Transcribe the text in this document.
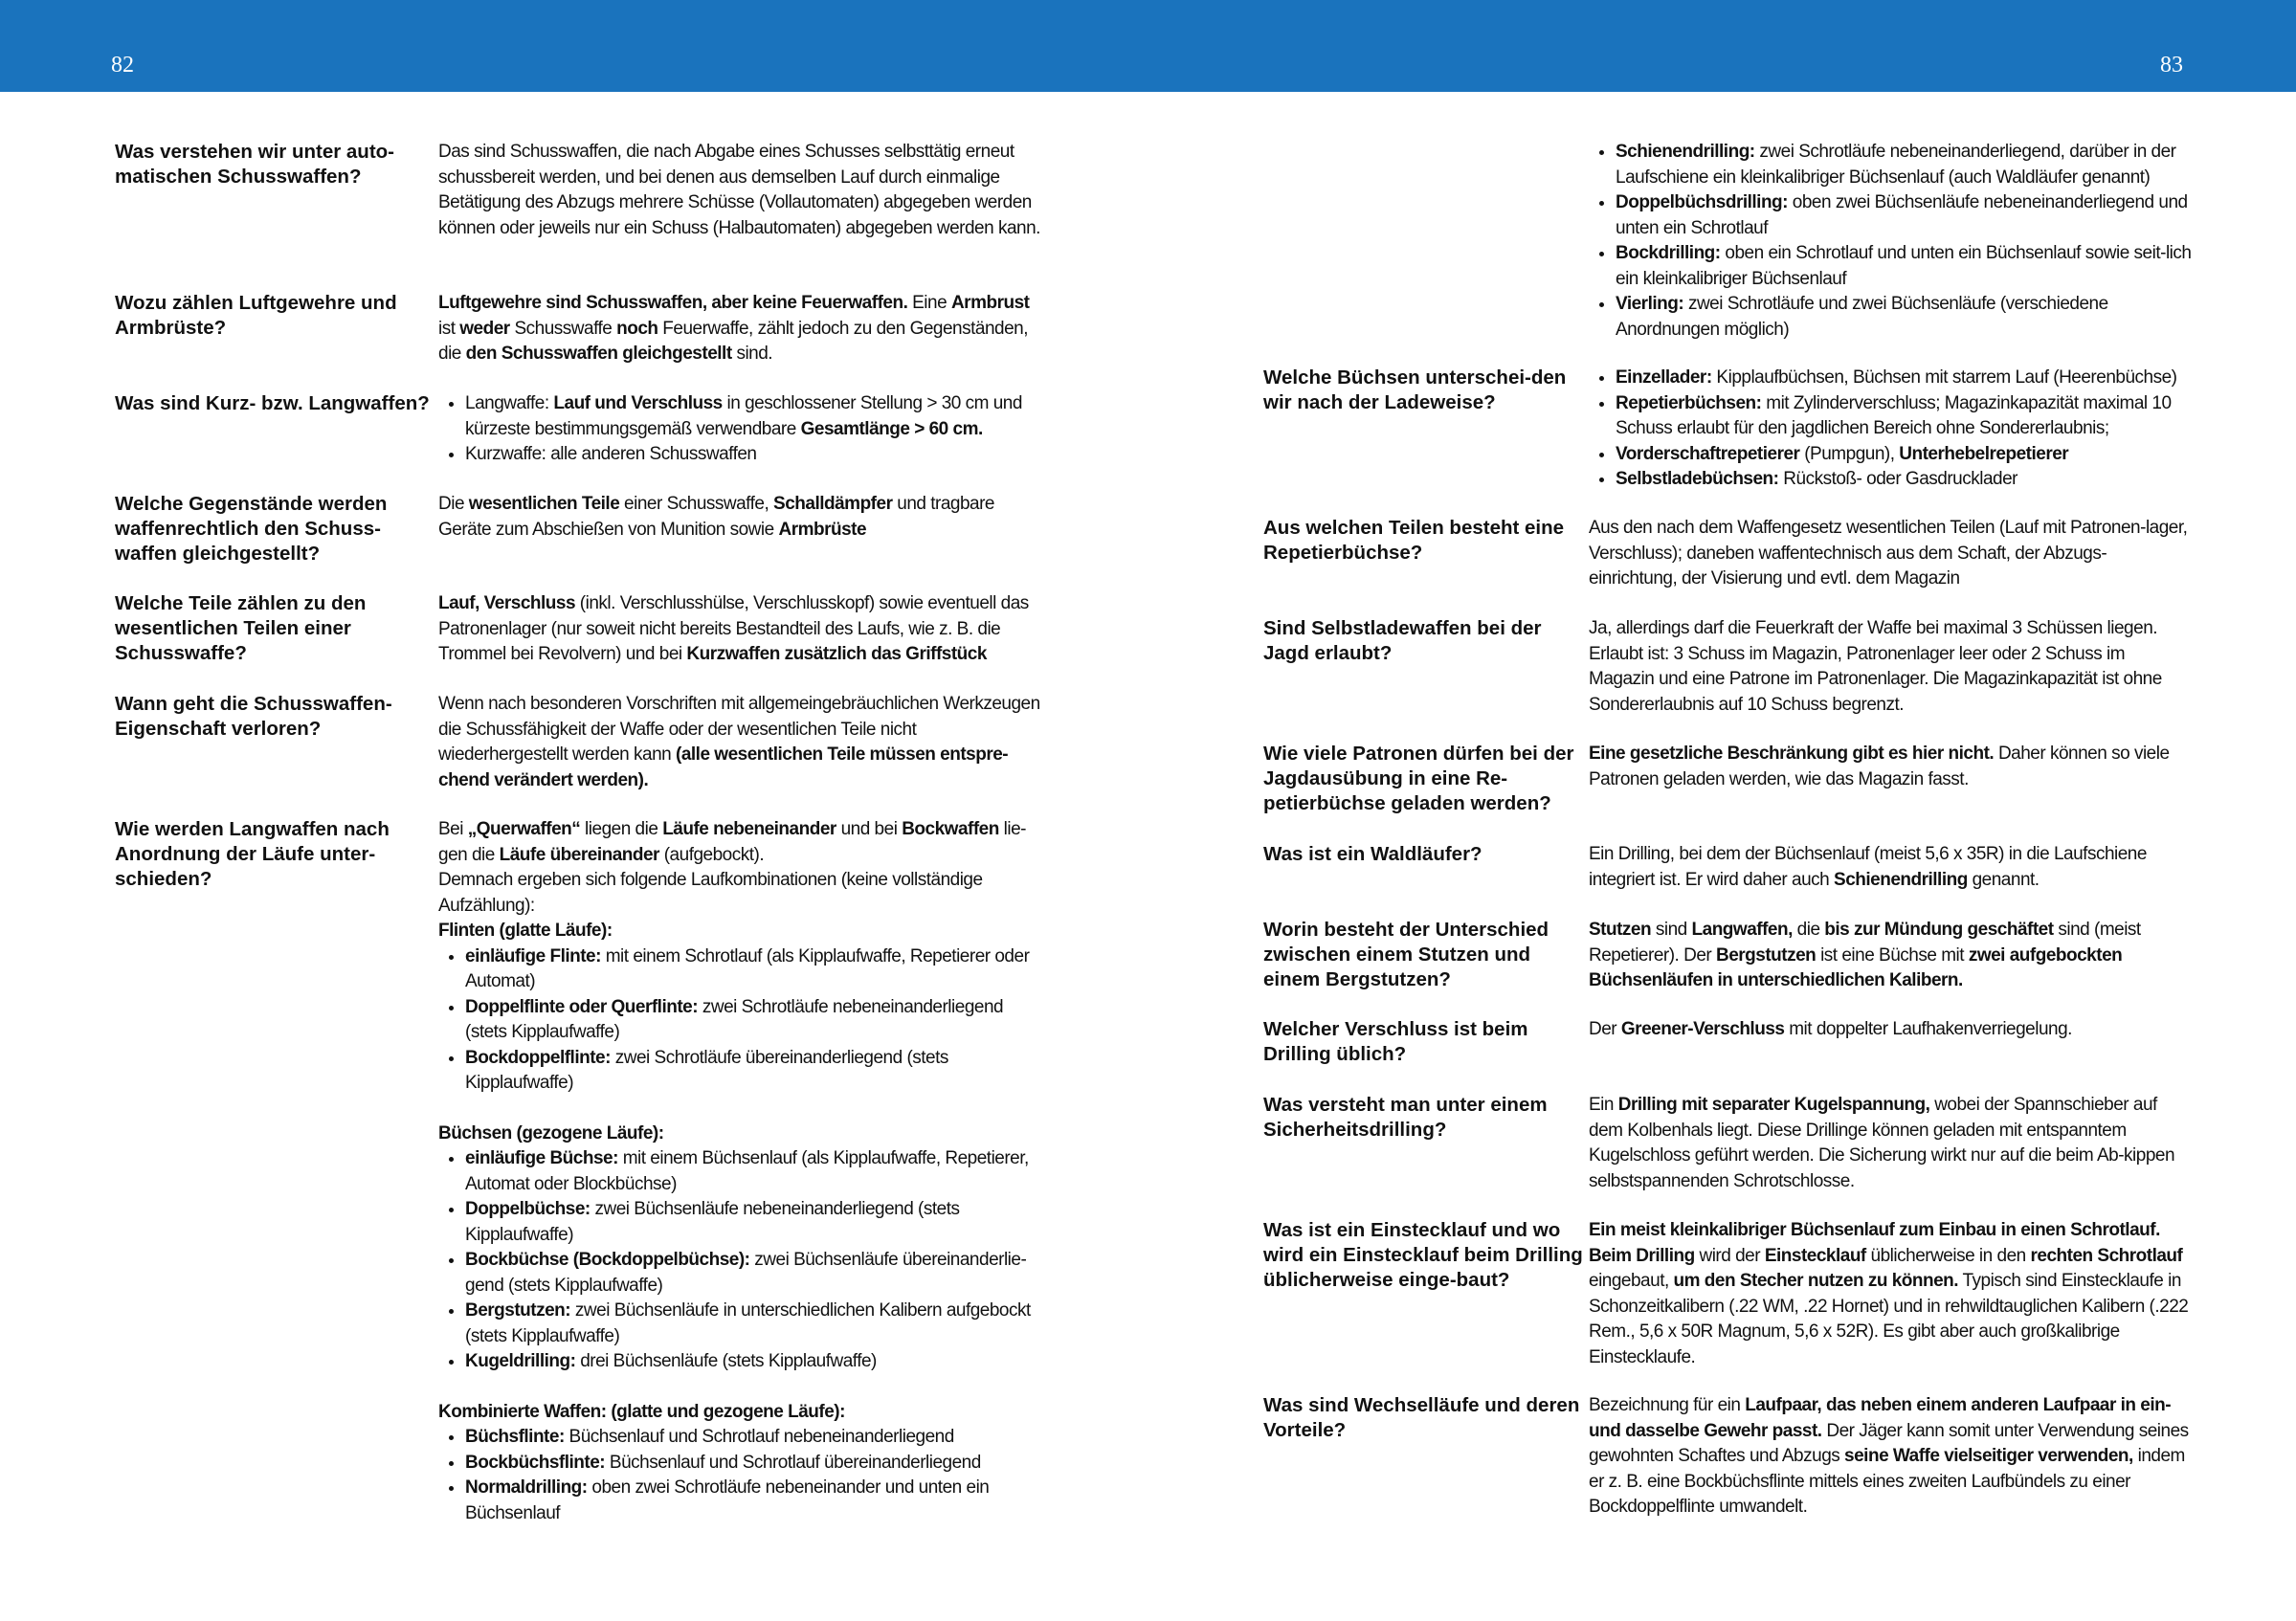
82	83
Was verstehen wir unter auto-matischen Schusswaffen?
Das sind Schusswaffen, die nach Abgabe eines Schusses selbsttätig erneut schussbereit werden, und bei denen aus demselben Lauf durch einmalige Betätigung des Abzugs mehrere Schüsse (Vollautomaten) abgegeben werden können oder jeweils nur ein Schuss (Halbautomaten) abgegeben werden kann.
Wozu zählen Luftgewehre und Armbrüste?
Luftgewehre sind Schusswaffen, aber keine Feuerwaffen. Eine Armbrust ist weder Schusswaffe noch Feuerwaffe, zählt jedoch zu den Gegenständen, die den Schusswaffen gleichgestellt sind.
Was sind Kurz- bzw. Langwaffen?
•	Langwaffe: Lauf und Verschluss in geschlossener Stellung > 30 cm und kürzeste bestimmungsgemäß verwendbare Gesamtlänge > 60 cm.
• Kurzwaffe: alle anderen Schusswaffen
Welche Gegenstände werden waffenrechtlich den Schuss-waffen gleichgestellt?
Die wesentlichen Teile einer Schusswaffe, Schalldämpfer und tragbare Geräte zum Abschießen von Munition sowie Armbrüste
Welche Teile zählen zu den wesentlichen Teilen einer Schusswaffe?
Lauf, Verschluss (inkl. Verschlusshülse, Verschlusskopf) sowie eventuell das Patronenlager (nur soweit nicht bereits Bestandteil des Laufs, wie z. B. die Trommel bei Revolvern) und bei Kurzwaffen zusätzlich das Griffstück
Wann geht die Schusswaffen-Eigenschaft verloren?
Wenn nach besonderen Vorschriften mit allgemeingebräuchlichen Werkzeugen die Schussfähigkeit der Waffe oder der wesentlichen Teile nicht wiederhergestellt werden kann (alle wesentlichen Teile müssen entspre-chend verändert werden).
Wie werden Langwaffen nach Anordnung der Läufe unter-schieden?
Bei „Querwaffen“ liegen die Läufe nebeneinander und bei Bockwaffen lie-gen die Läufe übereinander (aufgebockt).
Demnach ergeben sich folgende Laufkombinationen (keine vollständige Aufzählung):
Flinten (glatte Läufe):
• einläufige Flinte: mit einem Schrotlauf (als Kipplaufwaffe, Repetierer oder Automat)
• Doppelflinte oder Querflinte: zwei Schrotläufe nebeneinanderliegend (stets Kipplaufwaffe)
• Bockdoppelflinte: zwei Schrotläufe übereinanderliegend (stets Kipplaufwaffe)
Büchsen (gezogene Läufe):
• einläufige Büchse: mit einem Büchsenlauf (als Kipplaufwaffe, Repetierer, Automat oder Blockbüchse)
• Doppelbüchse: zwei Büchsenläufe nebeneinanderliegend (stets Kipplaufwaffe)
• Bockbüchse (Bockdoppelbüchse): zwei Büchsenläufe übereinanderlie-gend (stets Kipplaufwaffe)
• Bergstutzen: zwei Büchsenläufe in unterschiedlichen Kalibern aufgebockt (stets Kipplaufwaffe)
• Kugeldrilling: drei Büchsenläufe (stets Kipplaufwaffe)
Kombinierte Waffen: (glatte und gezogene Läufe):
• Büchsflinte: Büchsenlauf und Schrotlauf nebeneinanderliegend
• Bockbüchsflinte: Büchsenlauf und Schrotlauf übereinanderliegend
• Normaldrilling: oben zwei Schrotläufe nebeneinander und unten ein Büchsenlauf
• Schienendrilling: zwei Schrotläufe nebeneinanderliegend, darüber in der Laufschiene ein kleinkalibriger Büchsenlauf (auch Waldläufer genannt)
• Doppelbüchsdrilling: oben zwei Büchsenläufe nebeneinanderliegend und unten ein Schrotlauf
• Bockdrilling: oben ein Schrotlauf und unten ein Büchsenlauf sowie seit-lich ein kleinkalibriger Büchsenlauf
• Vierling: zwei Schrotläufe und zwei Büchsenläufe (verschiedene Anordnungen möglich)
Welche Büchsen unterschei-den wir nach der Ladeweise?
• Einzellader: Kipplaufbüchsen, Büchsen mit starrem Lauf (Heerenbüchse)
• Repetierbüchsen: mit Zylinderverschluss; Magazinkapazität maximal 10 Schuss erlaubt für den jagdlichen Bereich ohne Sondererlaubnis;
• Vorderschaftrepetierer (Pumpgun), Unterhebelrepetierer
• Selbstladebüchsen: Rückstoß- oder Gasdrucklader
Aus welchen Teilen besteht eine Repetierbüchse?
Aus den nach dem Waffengesetz wesentlichen Teilen (Lauf mit Patronen-lager, Verschluss); daneben waffentechnisch aus dem Schaft, der Abzugs-einrichtung, der Visierung und evtl. dem Magazin
Sind Selbstladewaffen bei der Jagd erlaubt?
Ja, allerdings darf die Feuerkraft der Waffe bei maximal 3 Schüssen liegen. Erlaubt ist: 3 Schuss im Magazin, Patronenlager leer oder 2 Schuss im Magazin und eine Patrone im Patronenlager. Die Magazinkapazität ist ohne Sondererlaubnis auf 10 Schuss begrenzt.
Wie viele Patronen dürfen bei der Jagdausübung in eine Re-petierbüchse geladen werden?
Eine gesetzliche Beschränkung gibt es hier nicht. Daher können so viele Patronen geladen werden, wie das Magazin fasst.
Was ist ein Waldläufer?	Ein Drilling, bei dem der Büchsenlauf (meist 5,6 x 35R) in die Laufschiene integriert ist. Er wird daher auch Schienendrilling genannt.
Worin besteht der Unterschied zwischen einem Stutzen und einem Bergstutzen?
Stutzen sind Langwaffen, die bis zur Mündung geschäftet sind (meist Repetierer). Der Bergstutzen ist eine Büchse mit zwei aufgebockten Büchsenläufen in unterschiedlichen Kalibern.
Welcher Verschluss ist beim Drilling üblich?
Der Greener-Verschluss mit doppelter Laufhakenverriegelung.
Was versteht man unter einem Sicherheitsdrilling?
Ein Drilling mit separater Kugelspannung, wobei der Spannschieber auf dem Kolbenhals liegt. Diese Drillinge können geladen mit entspanntem Kugelschloss geführt werden. Die Sicherung wirkt nur auf die beim Ab-kippen selbstspannenden Schrotschlosse.
Was ist ein Einstecklauf und wo wird ein Einstecklauf beim Drilling üblicherweise einge-baut?
Ein meist kleinkalibriger Büchsenlauf zum Einbau in einen Schrotlauf. Beim Drilling wird der Einstecklauf üblicherweise in den rechten Schrotlauf eingebaut, um den Stecher nutzen zu können. Typisch sind Einstecklaufe in Schonzeitkalibern (.22 WM, .22 Hornet) und in rehwildtauglichen Kalibern (.222 Rem., 5,6 x 50R Magnum, 5,6 x 52R). Es gibt aber auch großkalibrige Einstecklaufe.
Was sind Wechselläufe und deren Vorteile?
Bezeichnung für ein Laufpaar, das neben einem anderen Laufpaar in ein-und dasselbe Gewehr passt. Der Jäger kann somit unter Verwendung seines gewohnten Schaftes und Abzugs seine Waffe vielseitiger verwenden, indem er z. B. eine Bockbüchsflinte mittels eines zweiten Laufbündels zu einer Bockdoppelflinte umwandelt.
